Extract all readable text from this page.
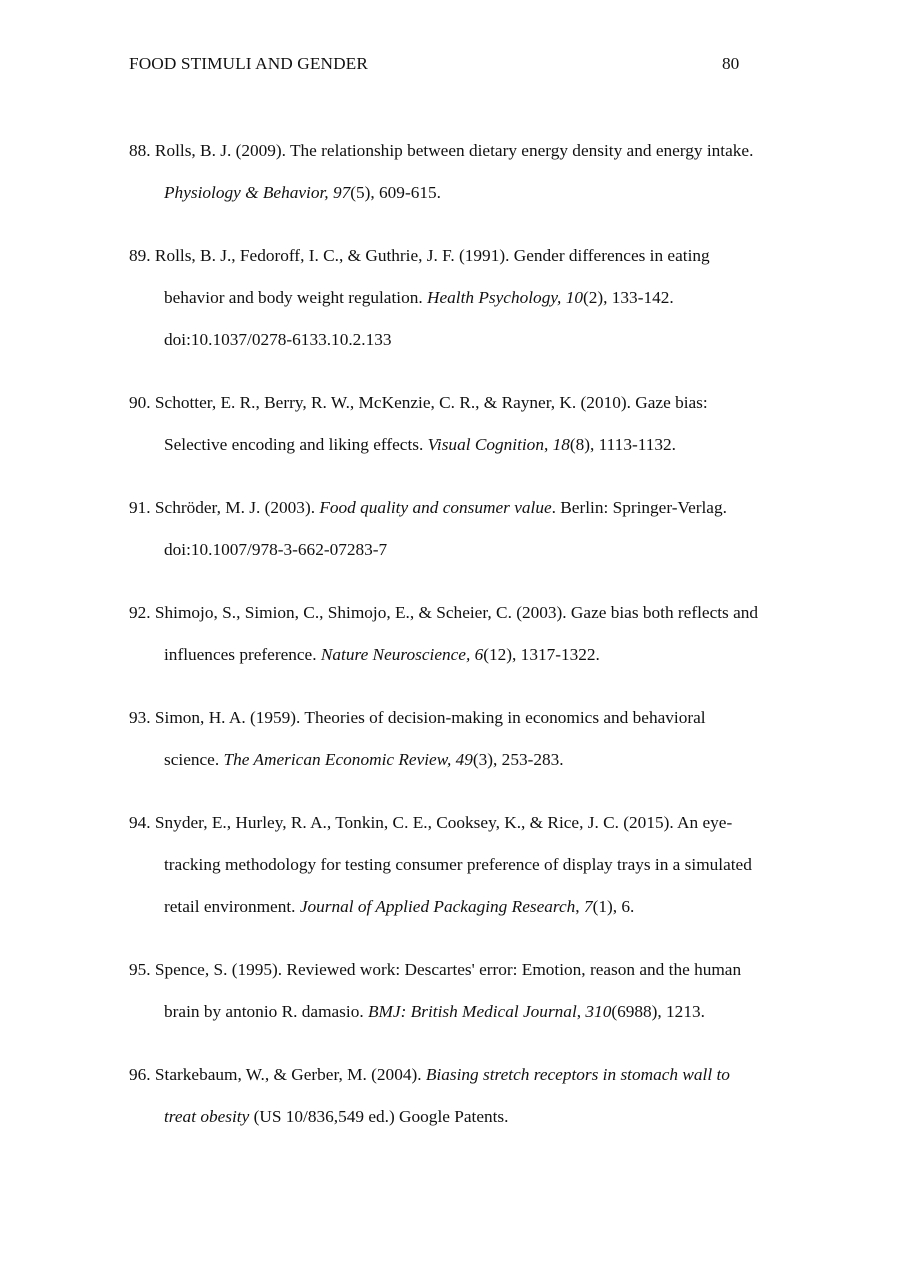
FOOD STIMULI AND GENDER	80
88. Rolls, B. J. (2009). The relationship between dietary energy density and energy intake.
Physiology & Behavior, 97(5), 609-615.
89. Rolls, B. J., Fedoroff, I. C., & Guthrie, J. F. (1991). Gender differences in eating
behavior and body weight regulation. Health Psychology, 10(2), 133-142.
doi:10.1037/0278-6133.10.2.133
90. Schotter, E. R., Berry, R. W., McKenzie, C. R., & Rayner, K. (2010). Gaze bias:
Selective encoding and liking effects. Visual Cognition, 18(8), 1113-1132.
91. Schröder, M. J. (2003). Food quality and consumer value. Berlin: Springer-Verlag.
doi:10.1007/978-3-662-07283-7
92. Shimojo, S., Simion, C., Shimojo, E., & Scheier, C. (2003). Gaze bias both reflects and
influences preference. Nature Neuroscience, 6(12), 1317-1322.
93. Simon, H. A. (1959). Theories of decision-making in economics and behavioral
science. The American Economic Review, 49(3), 253-283.
94. Snyder, E., Hurley, R. A., Tonkin, C. E., Cooksey, K., & Rice, J. C. (2015). An eye-
tracking methodology for testing consumer preference of display trays in a simulated
retail environment. Journal of Applied Packaging Research, 7(1), 6.
95. Spence, S. (1995). Reviewed work: Descartes' error: Emotion, reason and the human
brain by antonio R. damasio. BMJ: British Medical Journal, 310(6988), 1213.
96. Starkebaum, W., & Gerber, M. (2004). Biasing stretch receptors in stomach wall to
treat obesity (US 10/836,549 ed.) Google Patents.
